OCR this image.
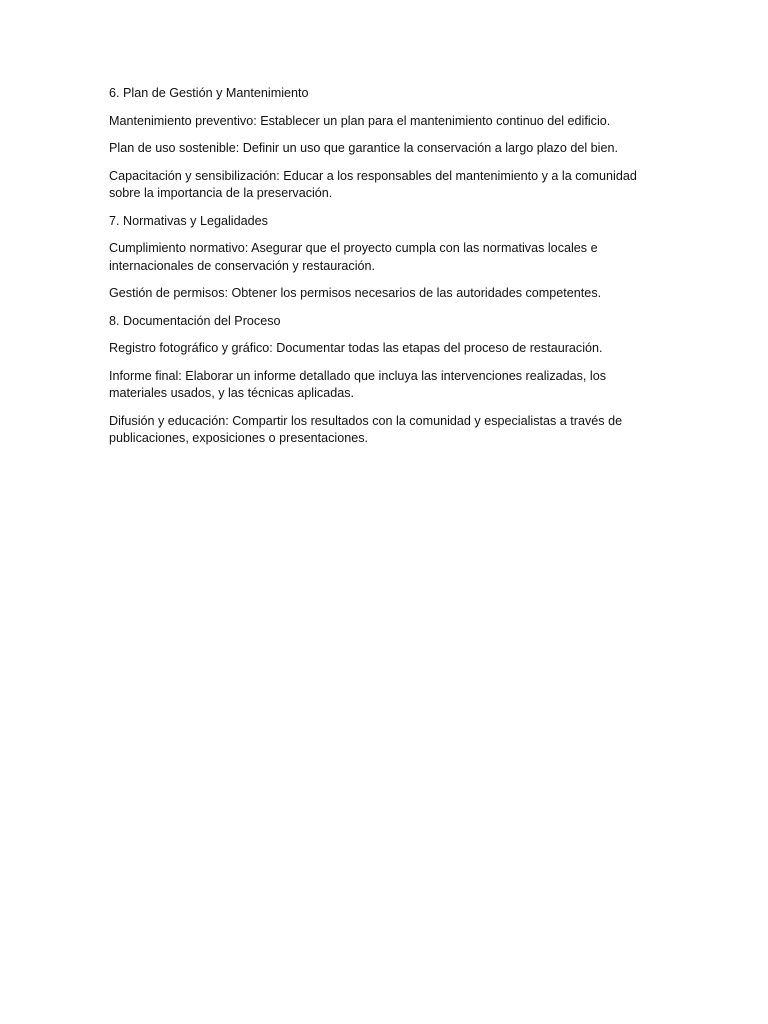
6. Plan de Gestión y Mantenimiento

Mantenimiento preventivo: Establecer un plan para el mantenimiento continuo del edificio.

Plan de uso sostenible: Definir un uso que garantice la conservación a largo plazo del bien.

Capacitación y sensibilización: Educar a los responsables del mantenimiento y a la comunidad sobre la importancia de la preservación.

7. Normativas y Legalidades

Cumplimiento normativo: Asegurar que el proyecto cumpla con las normativas locales e internacionales de conservación y restauración.

Gestión de permisos: Obtener los permisos necesarios de las autoridades competentes.

8. Documentación del Proceso

Registro fotográfico y gráfico: Documentar todas las etapas del proceso de restauración.

Informe final: Elaborar un informe detallado que incluya las intervenciones realizadas, los materiales usados, y las técnicas aplicadas.

Difusión y educación: Compartir los resultados con la comunidad y especialistas a través de publicaciones, exposiciones o presentaciones.
